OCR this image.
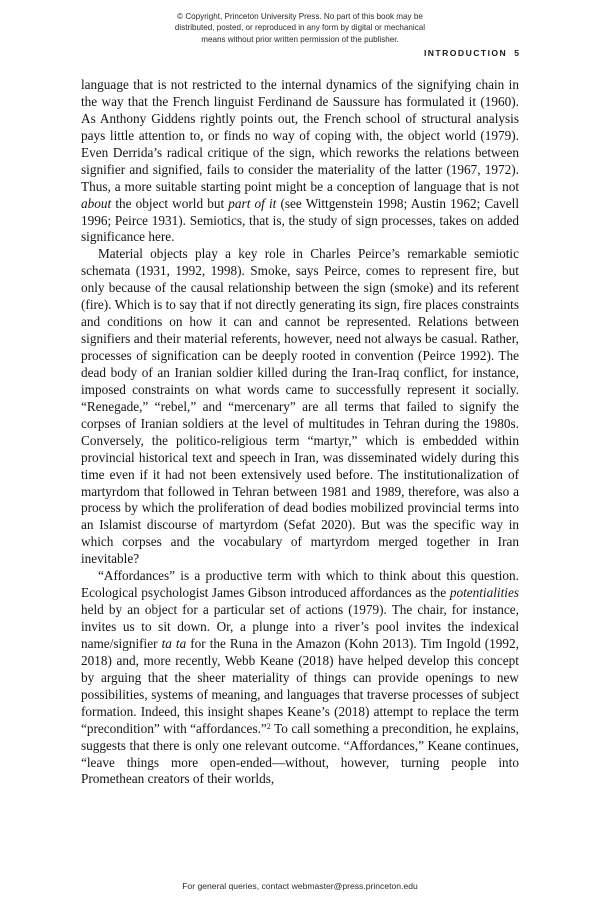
© Copyright, Princeton University Press. No part of this book may be
distributed, posted, or reproduced in any form by digital or mechanical
means without prior written permission of the publisher.
INTRODUCTION 5

language that is not restricted to the internal dynamics of the signifying chain in the way that the French linguist Ferdinand de Saussure has formulated it (1960). As Anthony Giddens rightly points out, the French school of structural analysis pays little attention to, or finds no way of coping with, the object world (1979). Even Derrida’s radical critique of the sign, which reworks the relations between signifier and signified, fails to consider the materiality of the latter (1967, 1972). Thus, a more suitable starting point might be a conception of language that is not about the object world but part of it (see Wittgenstein 1998; Austin 1962; Cavell 1996; Peirce 1931). Semiotics, that is, the study of sign processes, takes on added significance here.

Material objects play a key role in Charles Peirce’s remarkable semiotic schemata (1931, 1992, 1998). Smoke, says Peirce, comes to represent fire, but only because of the causal relationship between the sign (smoke) and its referent (fire). Which is to say that if not directly generating its sign, fire places constraints and conditions on how it can and cannot be represented. Relations between signifiers and their material referents, however, need not always be casual. Rather, processes of signification can be deeply rooted in convention (Peirce 1992). The dead body of an Iranian soldier killed during the Iran-Iraq conflict, for instance, imposed constraints on what words came to successfully represent it socially. “Renegade,” “rebel,” and “mercenary” are all terms that failed to signify the corpses of Iranian soldiers at the level of multitudes in Tehran during the 1980s. Conversely, the politico-religious term “martyr,” which is embedded within provincial historical text and speech in Iran, was disseminated widely during this time even if it had not been extensively used before. The institutionalization of martyrdom that followed in Tehran between 1981 and 1989, therefore, was also a process by which the proliferation of dead bodies mobilized provincial terms into an Islamist discourse of martyrdom (Sefat 2020). But was the specific way in which corpses and the vocabulary of martyrdom merged together in Iran inevitable?

“Affordances” is a productive term with which to think about this question. Ecological psychologist James Gibson introduced affordances as the potentialities held by an object for a particular set of actions (1979). The chair, for instance, invites us to sit down. Or, a plunge into a river’s pool invites the indexical name/signifier ta ta for the Runa in the Amazon (Kohn 2013). Tim Ingold (1992, 2018) and, more recently, Webb Keane (2018) have helped develop this concept by arguing that the sheer materiality of things can provide openings to new possibilities, systems of meaning, and languages that traverse processes of subject formation. Indeed, this insight shapes Keane’s (2018) attempt to replace the term “precondition” with “affordances.”$^2$ To call something a precondition, he explains, suggests that there is only one relevant outcome. “Affordances,” Keane continues, “leave things more open-ended—without, however, turning people into Promethean creators of their worlds,

For general queries, contact webmaster@press.princeton.edu
